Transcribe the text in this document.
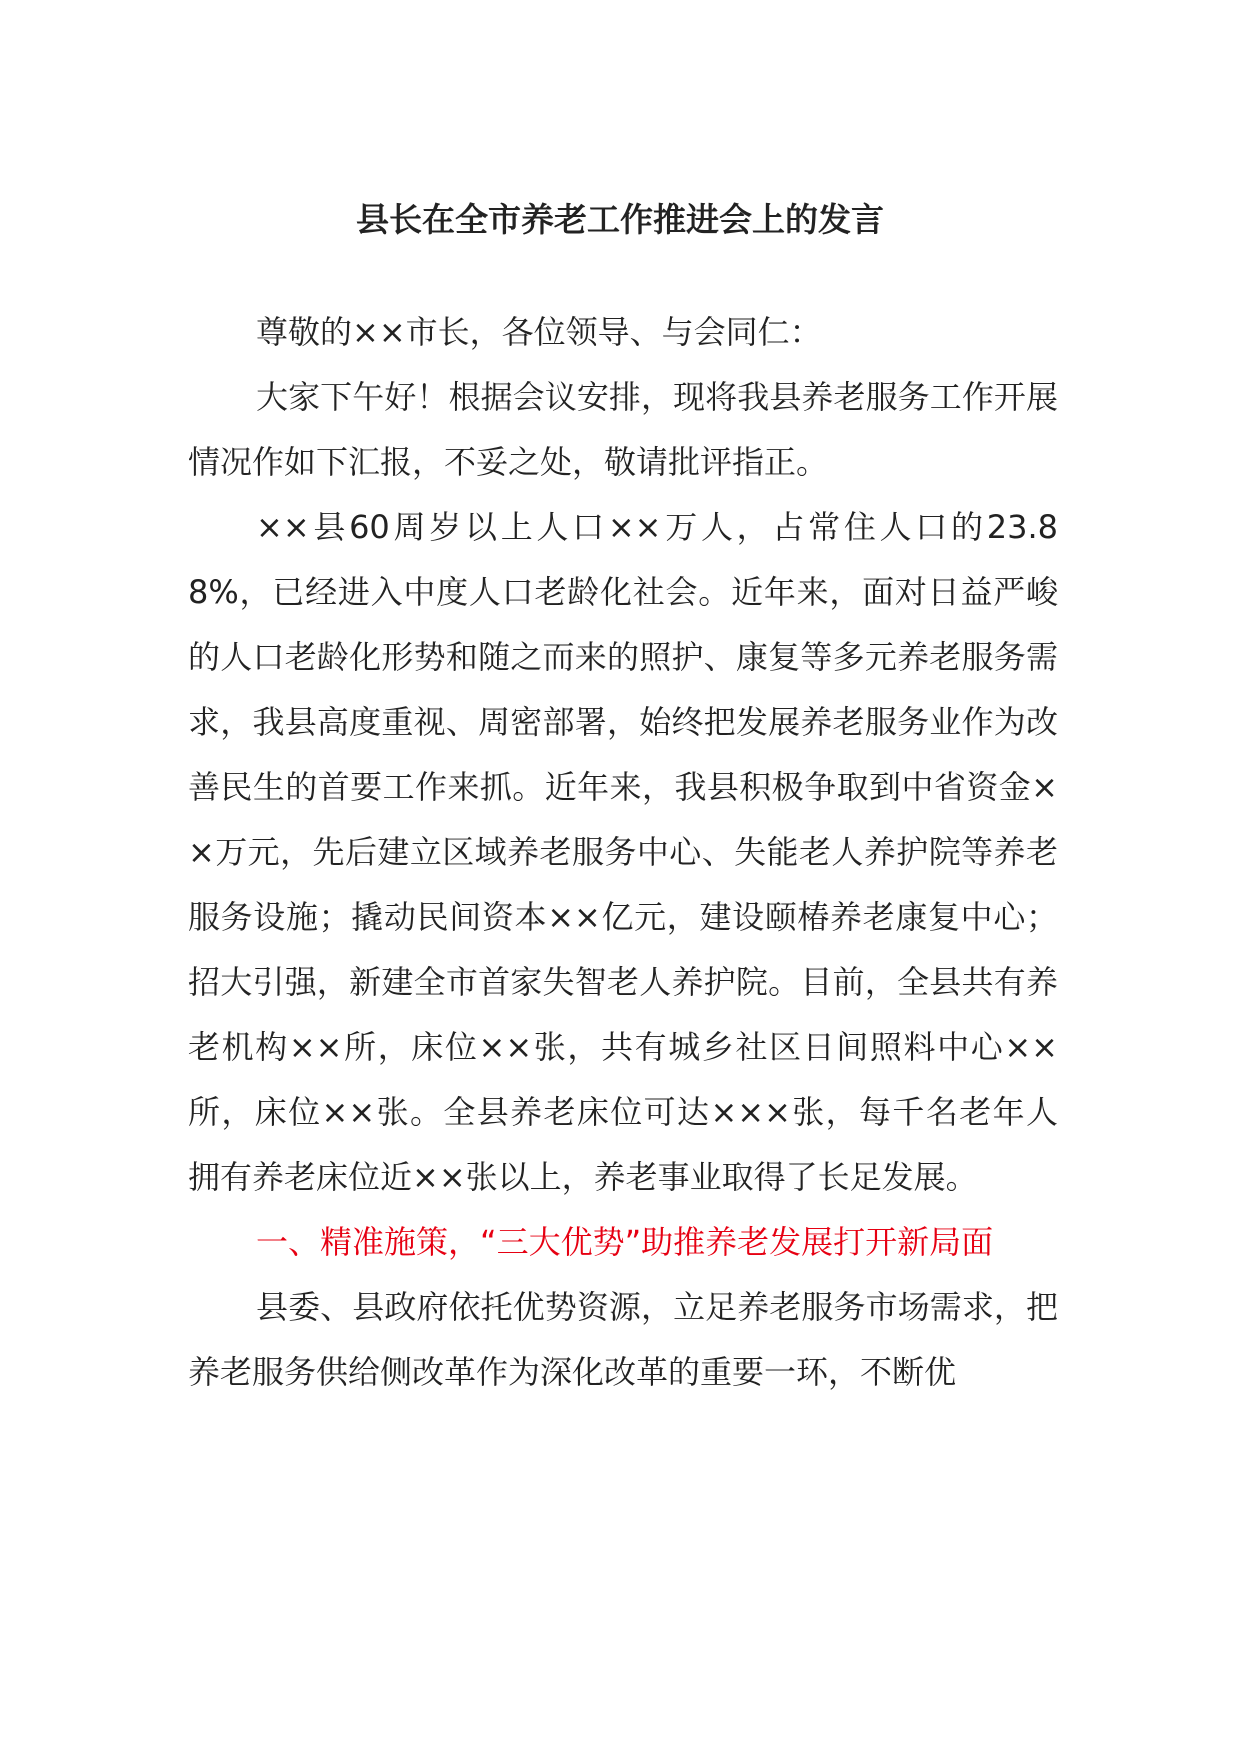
县长在全市养老工作推进会上的发言

尊敬的××市长，各位领导、与会同仁：

大家下午好！根据会议安排，现将我县养老服务工作开展情况作如下汇报，不妥之处，敬请批评指正。

××县60周岁以上人口××万人，占常住人口的23.88%，已经进入中度人口老龄化社会。近年来，面对日益严峻的人口老龄化形势和随之而来的照护、康复等多元养老服务需求，我县高度重视、周密部署，始终把发展养老服务业作为改善民生的首要工作来抓。近年来，我县积极争取到中省资金××万元，先后建立区域养老服务中心、失能老人养护院等养老服务设施；撬动民间资本××亿元，建设颐椿养老康复中心；招大引强，新建全市首家失智老人养护院。目前，全县共有养老机构××所，床位××张，共有城乡社区日间照料中心××所，床位××张。全县养老床位可达×××张，每千名老年人拥有养老床位近××张以上，养老事业取得了长足发展。

一、精准施策，“三大优势”助推养老发展打开新局面

县委、县政府依托优势资源，立足养老服务市场需求，把养老服务供给侧改革作为深化改革的重要一环，不断优
